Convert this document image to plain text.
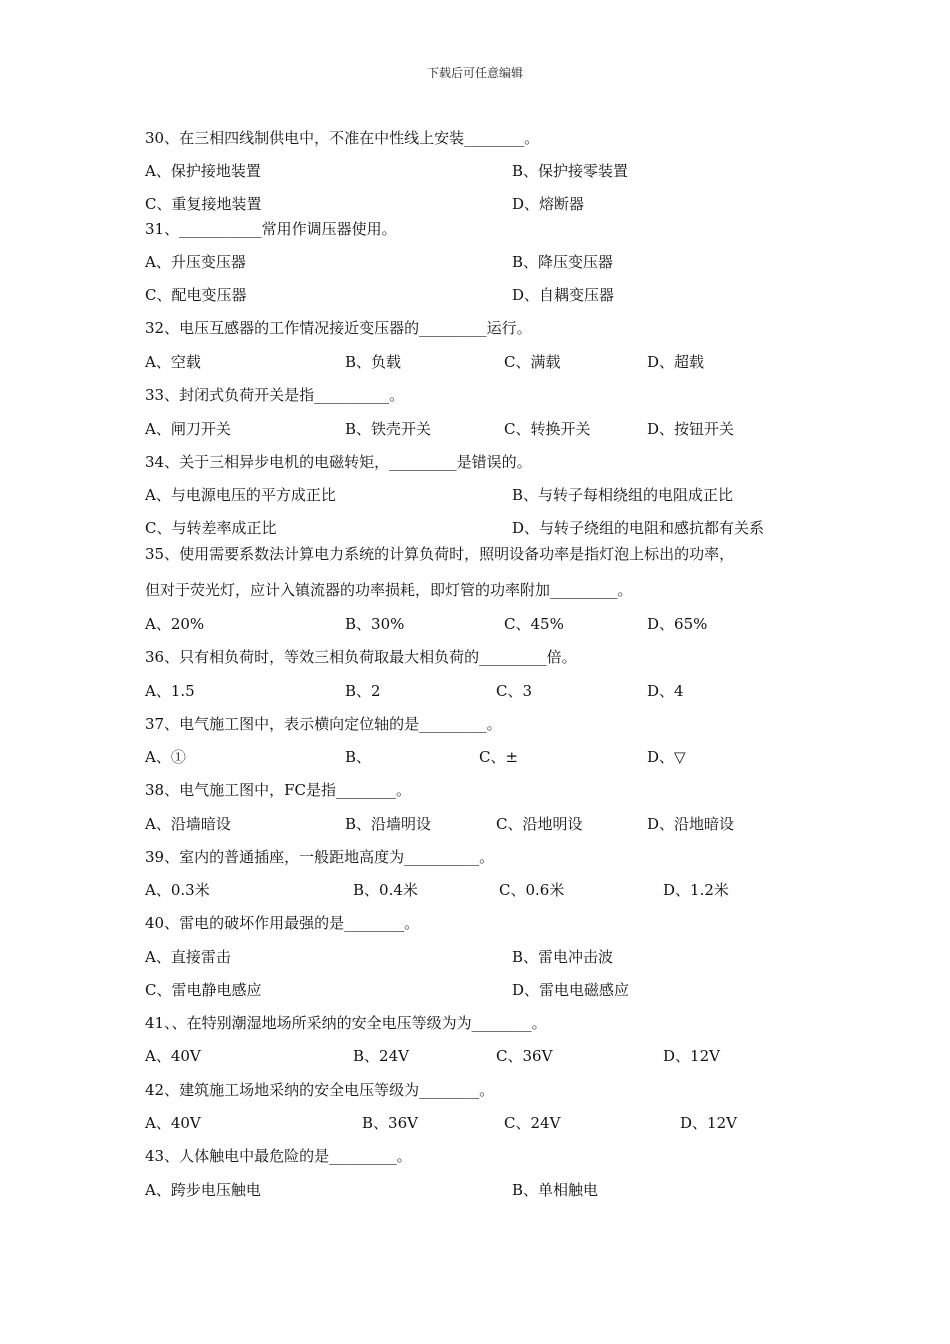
下载后可任意编辑
30、在三相四线制供电中，不准在中性线上安装________。
A、保护接地装置	B、保护接零装置
C、重复接地装置	D、熔断器
31、___________常用作调压器使用。
A、升压变压器	B、降压变压器
C、配电变压器	D、自耦变压器
32、电压互感器的工作情况接近变压器的_________运行。
A、空载	B、负载	C、满载	D、超载
33、封闭式负荷开关是指__________。
A、闸刀开关	B、铁壳开关	C、转换开关	D、按钮开关
34、关于三相异步电机的电磁转矩，_________是错误的。
A、与电源电压的平方成正比	B、与转子每相绕组的电阻成正比
C、与转差率成正比	D、与转子绕组的电阻和感抗都有关系
35、使用需要系数法计算电力系统的计算负荷时，照明设备功率是指灯泡上标出的功率，
但对于荧光灯，应计入镇流器的功率损耗，即灯管的功率附加_________。
A、20%	B、30%	C、45%	D、65%
36、只有相负荷时，等效三相负荷取最大相负荷的_________倍。
A、1.5	B、2	C、3	D、4
37、电气施工图中，表示横向定位轴的是_________。
A、①	B、	C、±	D、▽
38、电气施工图中，FC是指________。
A、沿墙暗设	B、沿墙明设	C、沿地明设	D、沿地暗设
39、室内的普通插座，一般距地高度为__________。
A、0.3米	B、0.4米	C、0.6米	D、1.2米
40、雷电的破坏作用最强的是________。
A、直接雷击	B、雷电冲击波
C、雷电静电感应	D、雷电电磁感应
41、、在特别潮湿地场所采纳的安全电压等级为为________。
A、40V	B、24V	C、36V	D、12V
42、建筑施工场地采纳的安全电压等级为________。
A、40V	B、36V	C、24V	D、12V
43、人体触电中最危险的是_________。
A、跨步电压触电	B、单相触电
